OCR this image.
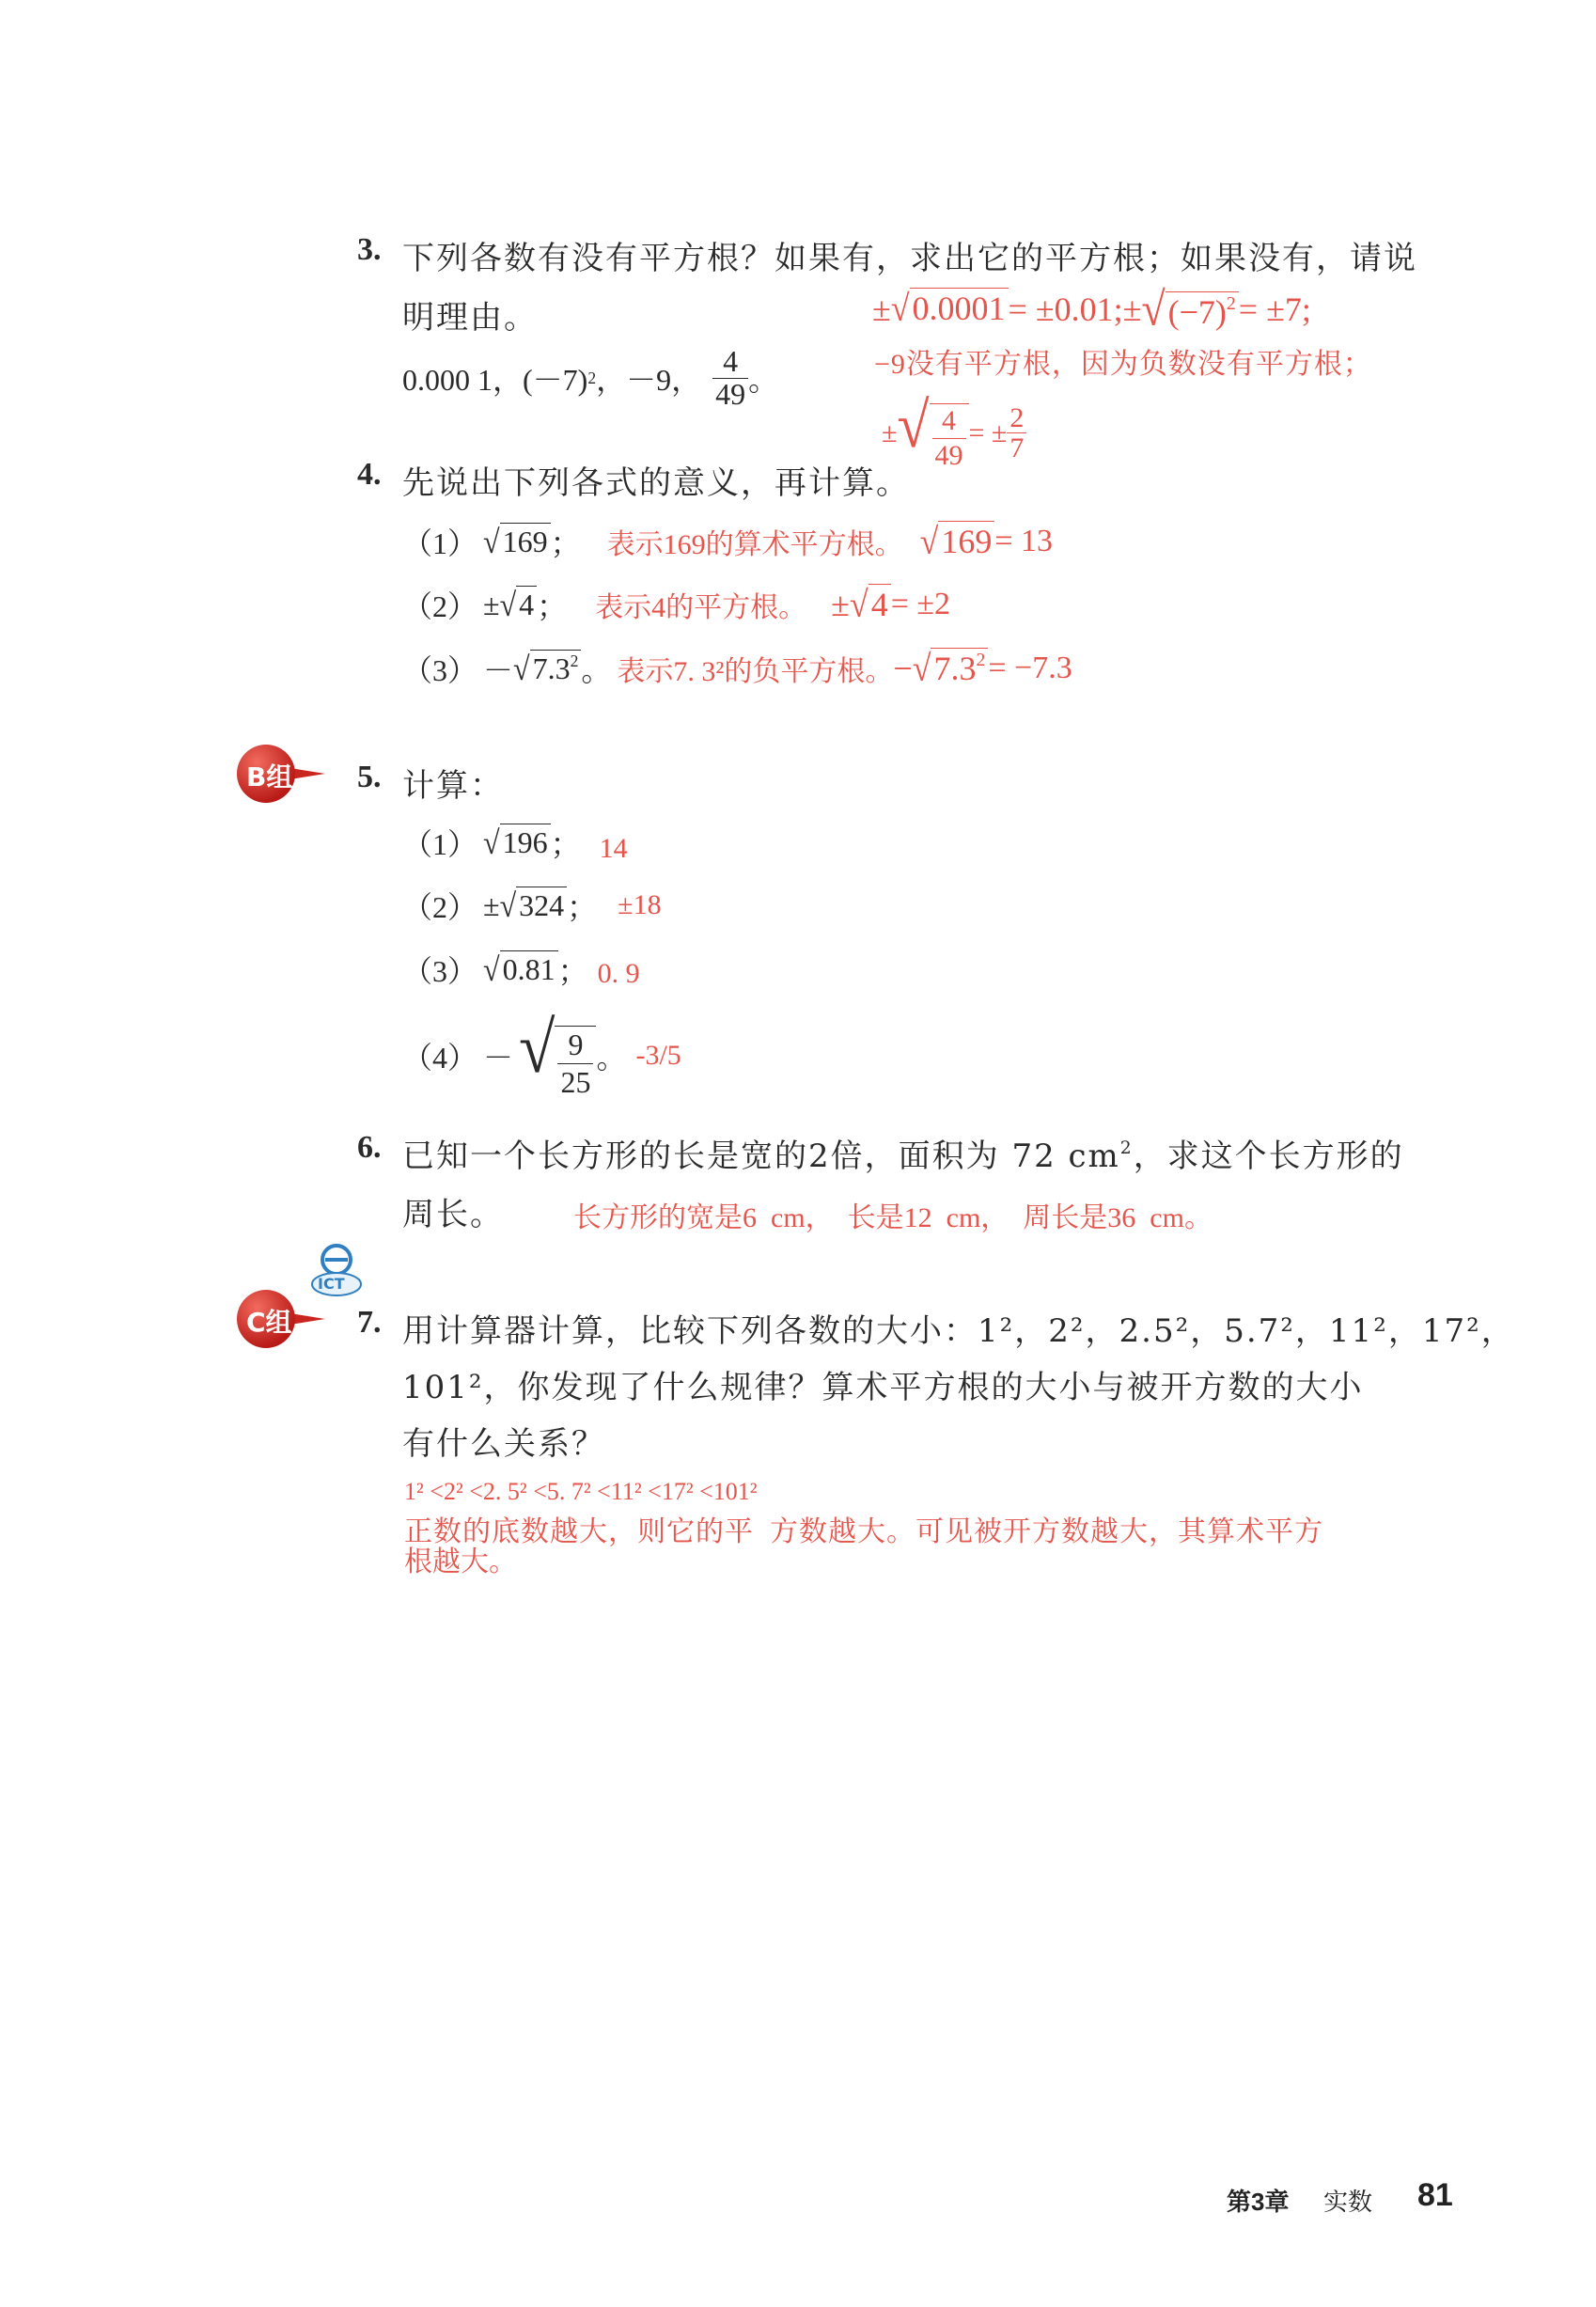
3. 下列各数有没有平方根？如果有，求出它的平方根；如果没有，请说
明理由。
0.000 1，(－7) 2 ，－9， $\frac{4}{49}$ 。
± √0.0001 = ±0.01;± $√(-7)^2 = \pm 7$;
−9没有平方根，因为负数没有平方根；
± √ $\frac{4}{49}$ = ± $\frac{2}{7}$
4. 先说出下列各式的意义，再计算。
（1） √169 ； 表示169的算术平方根。 √169 = 13
（2） ± √4 ； 表示4的平方根。 ± √4 = ±2
$(3) - √7.3^2$ 。 表示7. 3²的负平方根。 − $√7.3^2 = -7.3$
B组 5. 计算：
（1） √196 ； 14
（2） ± √324 ； ±18
（3） √0.81 ； 0. 9
（4） － √ $\frac{9}{25}$ 。 -3/5
6. 已知一个长方形的长是宽的2倍，面积为 72 $cm^2$，求这个长方形的
周长。 长方形的宽是6  cm，  长是12  cm，  周长是36  cm。
ICT
C组 7. 用计算器计算，比较下列各数的大小：1²，2²，2.5²，5.7²，11²，17²，
101²，你发现了什么规律？算术平方根的大小与被开方数的大小
有什么关系？
1² <2² <2. 5² <5. 7² <11² <17² <101²
正数的底数越大，则它的平  方数越大。可见被开方数越大，其算术平方
根越大。
第3章 实数 81
